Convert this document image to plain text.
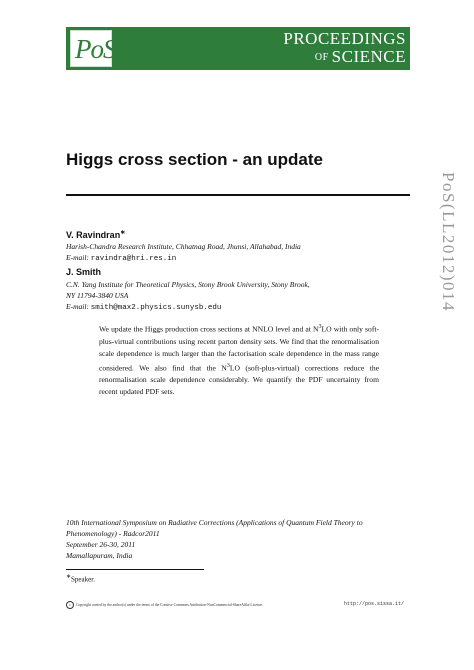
PoS	PROCEEDINGS
OF SCIENCE
Higgs cross section - an update
PoS(LL2012)014
V. Ravindran∗
Harish-Chandra Research Institute, Chhatnag Road, Jhunsi, Allahabad, India
E-mail: ravindra@hri.res.in
J. Smith
C.N. Yang Institute for Theoretical Physics, Stony Brook University, Stony Brook,
NY 11794-3840 USA
E-mail: smith@max2.physics.sunysb.edu
We update the Higgs production cross sections at NNLO level and at $N^3LO$ with only soft-plus-virtual contributions using recent parton density sets. We find that the renormalisation scale dependence is much larger than the factorisation scale dependence in the mass range considered. We also find that the $N^3LO$ (soft-plus-virtual) corrections reduce the renormalisation scale dependence considerably. We quantify the PDF uncertainty from recent updated PDF sets.
10th International Symposium on Radiative Corrections (Applications of Quantum Field Theory to
Phenomenology) - Radcor2011
September 26-30, 2011
Mamallapuram, India
∗Speaker.
c Copyright owned by the author(s) under the terms of the Creative Commons Attribution-NonCommercial-ShareAlike Licence.	http://pos.sissa.it/
